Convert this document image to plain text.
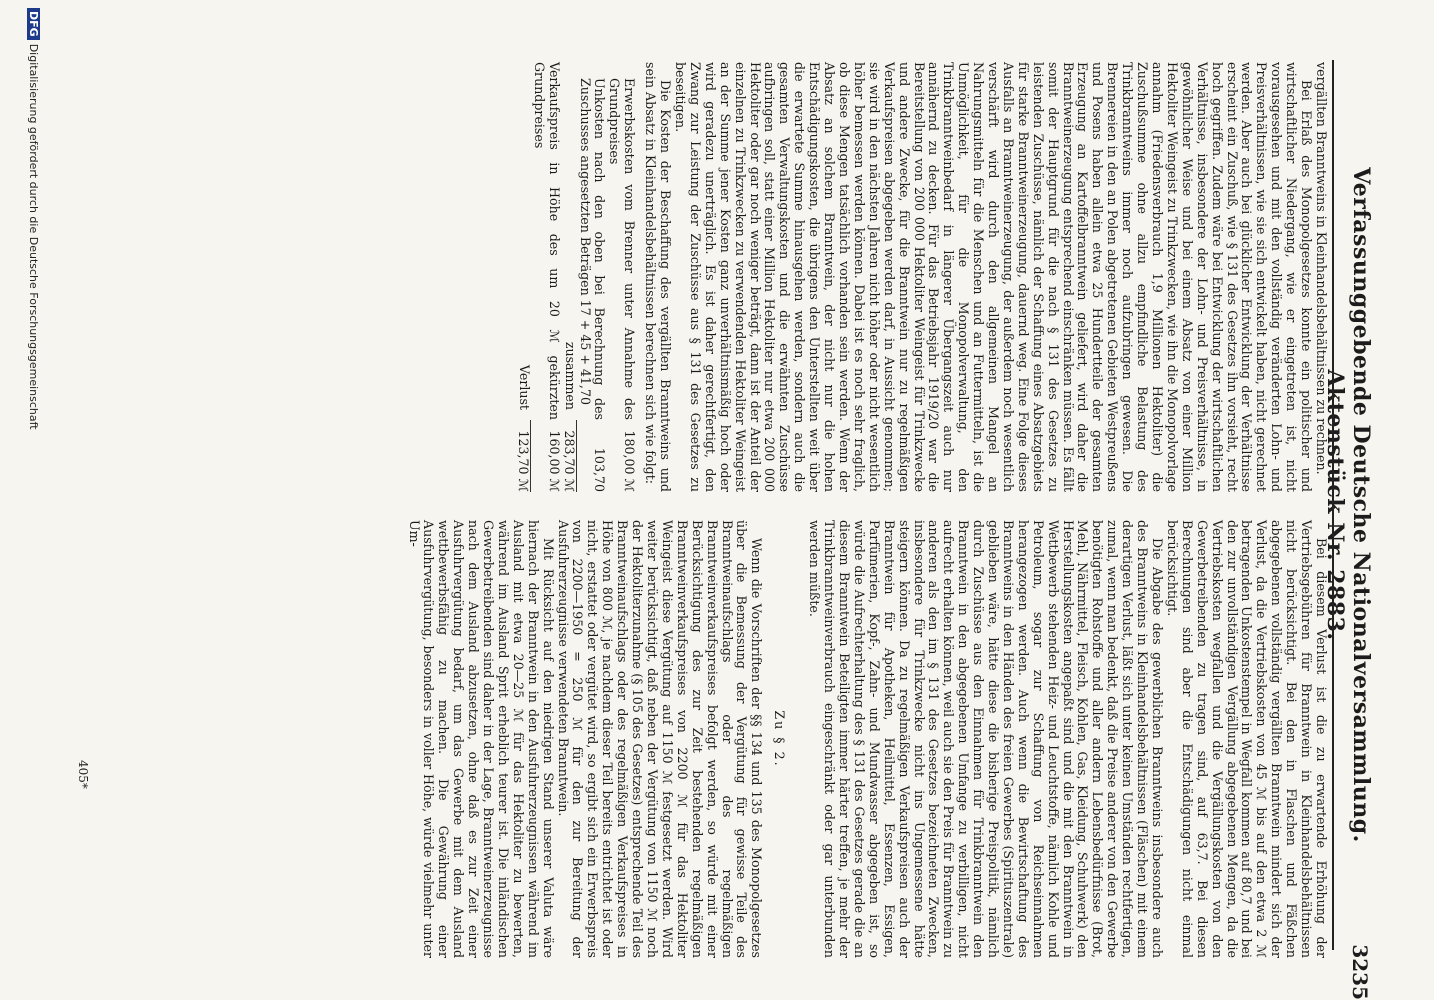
Verfassunggebende Deutsche Nationalversammlung. Aktenstück Nr. 2883.
3235

vergällten Branntweins in Kleinhandelsbehältnissen zu rechnen.

Bei Erlaß des Monopolgesetzes konnte ein politischer und wirtschaftlicher Niedergang, wie er eingetreten ist, nicht vorausgesehen und mit den vollständig veränderten Lohn- und Preisverhältnissen, wie sie sich entwickelt haben, nicht gerechnet werden. Aber auch bei glücklicher Entwicklung der Verhältnisse erscheint ein Zuschuß, wie § 131 des Gesetzes ihn vorsieht, recht hoch gegriffen. Zudem wäre bei Entwicklung der wirtschaftlichen Verhältnisse, insbesondere der Lohn- und Preisverhältnisse, in gewöhnlicher Weise und bei einem Absatz von einer Million Hektoliter Weingeist zu Trinkzwecken, wie ihn die Monopolvorlage annahm (Friedensverbrauch 1,9 Millionen Hektoliter) die Zuschußsumme ohne allzu empfindliche Belastung des Trinkbranntweins immer noch aufzubringen gewesen. Die Brennereien in den an Polen abgetretenen Gebieten Westpreußens und Posens haben allein etwa 25 Hundertteile der gesamten Erzeugung an Kartoffelbranntwein geliefert, wird daher die Branntweinerzeugung entsprechend einschränken müssen. Es fällt somit der Hauptgrund für die nach § 131 des Gesetzes zu leistenden Zuschüsse, nämlich der Schaffung eines Absatzgebiets für starke Branntweinerzeugung, dauernd weg. Eine Folge dieses Ausfalls an Branntweinerzeugung, der außerdem noch wesentlich verschärft wird durch den allgemeinen Mangel an Nahrungsmitteln für die Menschen und an Futtermitteln, ist die Unmöglichkeit, für die Monopolverwaltung, den Trinkbranntweinbedarf in längerer Übergangszeit auch nur annähernd zu decken. Für das Betriebsjahr 1919/20 war die Bereitstellung von 200 000 Hektoliter Weingeist für Trinkzwecke und andere Zwecke, für die Branntwein nur zu regelmäßigen Verkaufspreisen abgegeben werden darf, in Aussicht genommen; sie wird in den nächsten Jahren nicht höher oder nicht wesentlich höher bemessen werden können. Dabei ist es noch sehr fraglich, ob diese Mengen tatsächlich vorhanden sein werden. Wenn der Absatz an solchem Branntwein, der nicht nur die hohen Entschädigungskosten, die übrigens den Unterstellten weit über die erwartete Summe hinausgehen werden, sondern auch die gesamten Verwaltungskosten und die erwähnten Zuschüsse aufbringen soll, statt einer Million Hektoliter nur etwa 200 000 Hektoliter oder gar noch weniger beträgt, dann ist der Anteil der einzelnen zu Trinkzwecken zu verwendenden Hektoliter Weingeist an der Summe jener Kosten ganz unverhältnismäßig hoch oder wird geradezu unerträglich. Es ist daher gerechtfertigt, den Zwang zur Leistung der Zuschüsse aus § 131 des Gesetzes zu beseitigen.

Die Kosten der Beschaffung des vergällten Branntweins und sein Absatz in Kleinhandelsbehältnissen berechnen sich wie folgt:

Erwerbskosten vom Brenner unter Annahme des Grundpreises
180,00 ℳ
Unkosten nach den oben bei Berechnung des Zuschusses angesetzten Beträgen 17 + 45 + 41,70
103,70
zusammen
283,70 ℳ
Verkaufspreis in Höhe des um 20 ℳ gekürzten Grundpreises
160,00 ℳ
Verlust
123,70 ℳ

Bei diesem Verlust ist die zu erwartende Erhöhung der Vertriebsgebühren für Branntwein in Kleinhandelsbehältnissen nicht berücksichtigt. Bei den in Flaschen und Fäßchen abgegebenen vollständig vergällten Branntwein mindert sich der Verlust, da die Vertriebskosten von 45 ℳ bis auf den etwa 2 ℳ betragenden Unkostenstempel in Wegfall kommen auf 80,7 und bei den zur unvollständigen Vergällung abgegebenen Mengen, da die Vertriebskosten wegfallen und die Vergällungskosten von den Gewerbetreibenden zu tragen sind, auf 63,7. Bei diesen Berechnungen sind aber die Entschädigungen nicht einmal berücksichtigt.

Die Abgabe des gewerblichen Branntweins insbesondere auch des Branntweins in Kleinhandelsbehältnissen (Fläschen) mit einem derartigen Verlust, läßt sich unter keinen Umständen rechtfertigen, zumal, wenn man bedenkt, daß die Preise anderer von den Gewerbe benötigten Rohstoffe und aller andern Lebensbedürfnisse (Brot, Mehl, Nährmittel, Fleisch, Kohlen, Gas, Kleidung, Schuhwerk) den Herstellungskosten angepaßt sind und die mit den Branntwein in Wettbewerb stehenden Heiz- und Leuchtstoffe, nämlich Kohle und Petroleum, sogar zur Schaffung von Reichseinnahmen herangezogen werden. Auch wenn die Bewirtschaftung des Branntweins in den Händen des freien Gewerbes (Spirituszentrale) geblieben wäre, hätte diese die bisherige Preispolitik, nämlich durch Zuschüsse aus den Einnahmen für Trinkbranntwein den Branntwein in den abgegebenen Umfange zu verbilligen, nicht aufrecht erhalten können, weil auch sie den Preis für Branntwein zu anderen als den im § 131 des Gesetzes bezeichneten Zwecken, insbesondere für Trinkzwecke nicht ins Ungemessene hätte steigern können. Da zu regelmäßigen Verkaufspreisen auch der Branntwein für Apotheken, Heilmittel, Essenzen, Essigen, Parfümerien, Kopf-, Zahn- und Mundwasser abgegeben ist, so würde die Aufrechterhaltung des § 131 des Gesetzes gerade die an diesem Branntwein Beteiligten immer härter treffen, je mehr der Trinkbranntweinverbrauch eingeschränkt oder gar unterbunden werden müßte.

Zu § 2.

Wenn die Vorschriften der §§ 134 und 135 des Monopolgesetzes über die Bemessung der Vergütung für gewisse Teile des Branntweinaufschlags oder des regelmäßigen Branntweinverkaufspreises befolgt werden, so würde mit einer Berücksichtigung des zur Zeit bestehenden regelmäßigen Branntweinverkaufspreises von 2200 ℳ für das Hektoliter Weingeist diese Vergütung auf 1150 ℳ festgesetzt werden. Wird weiter berücksichtigt, daß neben der Vergütung von 1150 ℳ noch der Hektoliterzunahme (§ 105 des Gesetzes) entsprechende Teil des Branntweinaufschlags oder des regelmäßigen Verkaufspreises in Höhe von 800 ℳ, je nachdem dieser Teil bereits entrichtet ist oder nicht, erstattet oder vergütet wird, so ergibt sich ein Erwerbspreis von 2200—1950 = 250 ℳ für den zur Bereitung der Ausfuhrerzeugnisse verwendeten Branntwein.

Mit Rücksicht auf den niedrigen Stand unserer Valuta wäre hiernach der Branntwein in den Ausfuhrerzeugnissen während im Ausland mit etwa 20—25 ℳ für das Hektoliter zu bewerten, während im Ausland Sprit erheblich teurer ist. Die inländischen Gewerbetreibenden sind daher in der Lage, Branntweinerzeugnisse nach dem Ausland abzusetzen, ohne daß es zur Zeit einer Ausfuhrvergütung bedarf, um das Gewerbe mit dem Ausland wettbewerbsfähig zu machen. Die Gewährung einer Ausfuhrvergütung, besonders in voller Höhe, würde vielmehr unter Um-

405*
DFGDigitalisierung gefördert durch die Deutsche Forschungsgemeinschaft
